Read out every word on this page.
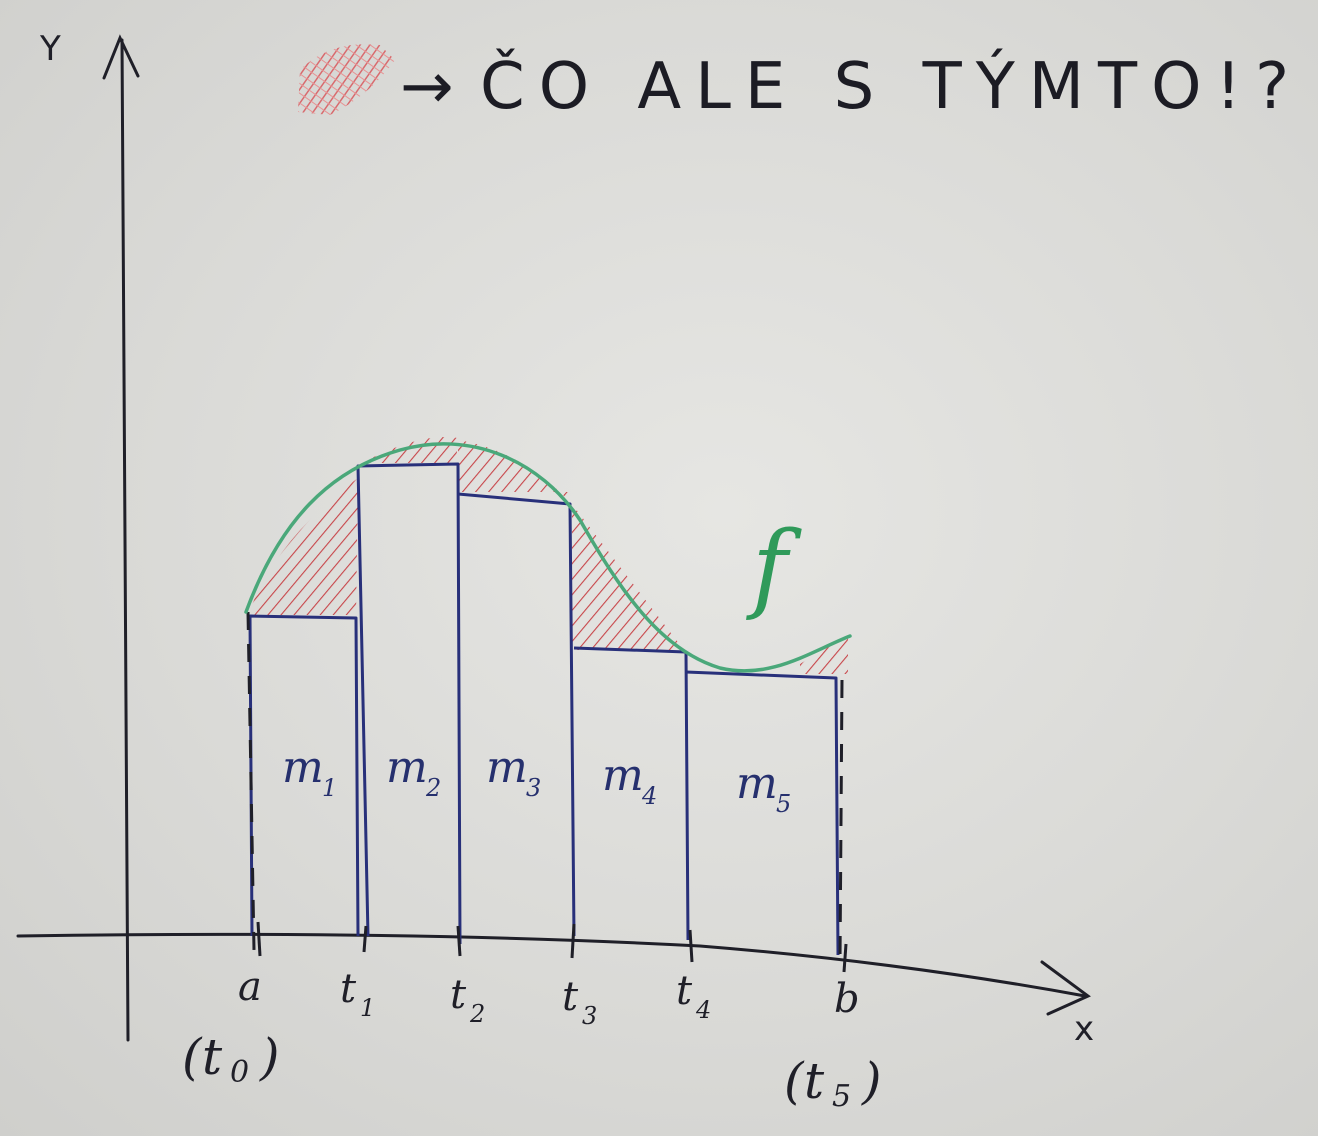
→ ČO ALE S TÝMTO!?
Y
x
f
m
1 m
2 m
3 m
4 m
5
a t 1 t 2 t 3
t 4	b
( t 0 )	( t 5 )
